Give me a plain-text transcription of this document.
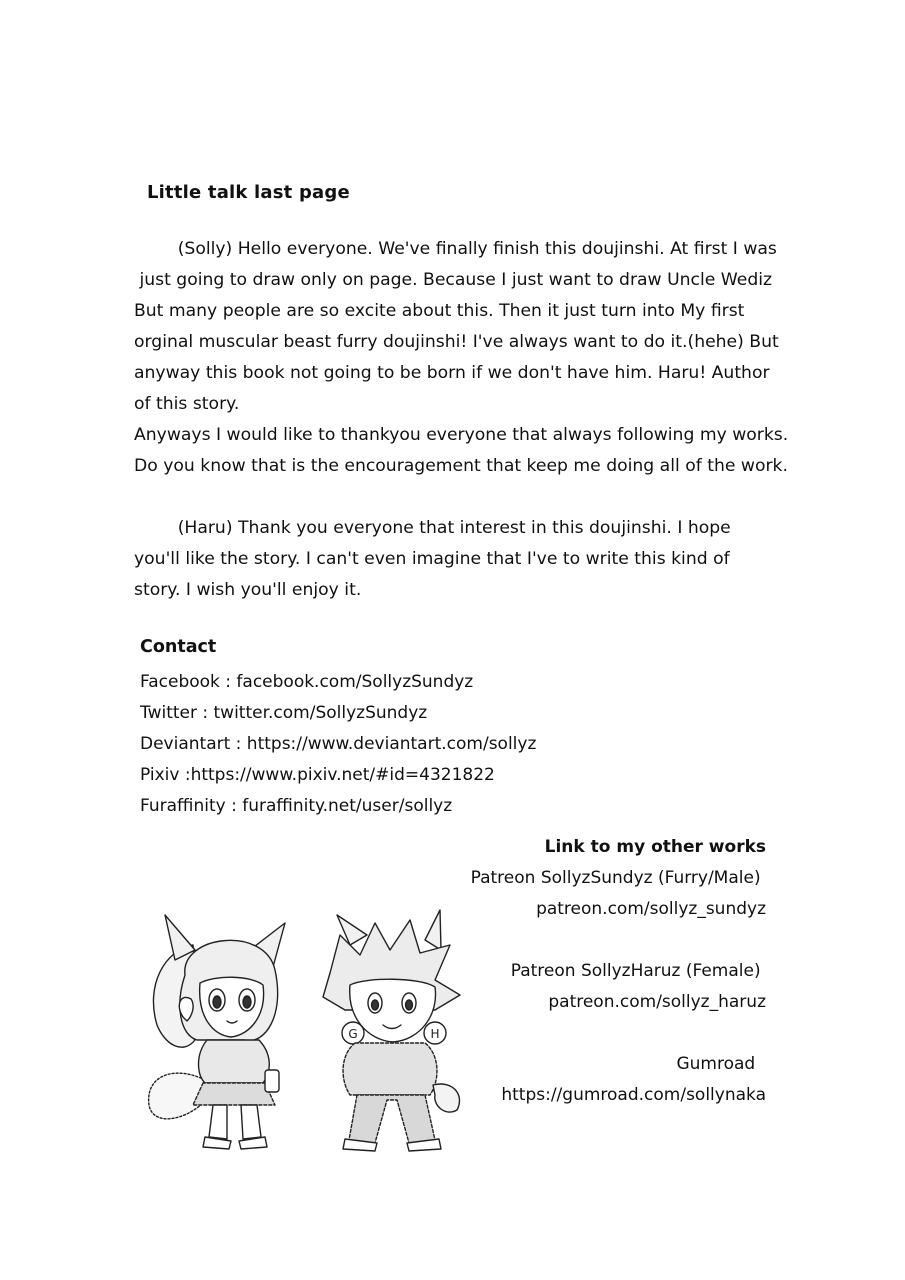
Little talk last page
(Solly) Hello everyone. We've finally finish this doujinshi. At first I was
just going to draw only on page. Because I just want to draw Uncle Wediz
But many people are so excite about this. Then it just turn into My first
orginal muscular beast furry doujinshi! I've always want to do it.(hehe) But
anyway this book not going to be born if we don't have him. Haru! Author
of this story.
Anyways I would like to thankyou everyone that always following my works.
Do you know that is the encouragement that keep me doing all of the work.
(Haru) Thank you everyone that interest in this doujinshi. I hope
you'll like the story. I can't even imagine that I've to write this kind of
story. I wish you'll enjoy it.
Contact
Facebook : facebook.com/SollyzSundyz
Twitter : twitter.com/SollyzSundyz
Deviantart : https://www.deviantart.com/sollyz
Pixiv :https://www.pixiv.net/#id=4321822
Furaffinity : furaffinity.net/user/sollyz
Link to my other works
Patreon SollyzSundyz (Furry/Male)
patreon.com/sollyz_sundyz
Patreon SollyzHaruz (Female)
patreon.com/sollyz_haruz
Gumroad
https://gumroad.com/sollynaka
G	H
